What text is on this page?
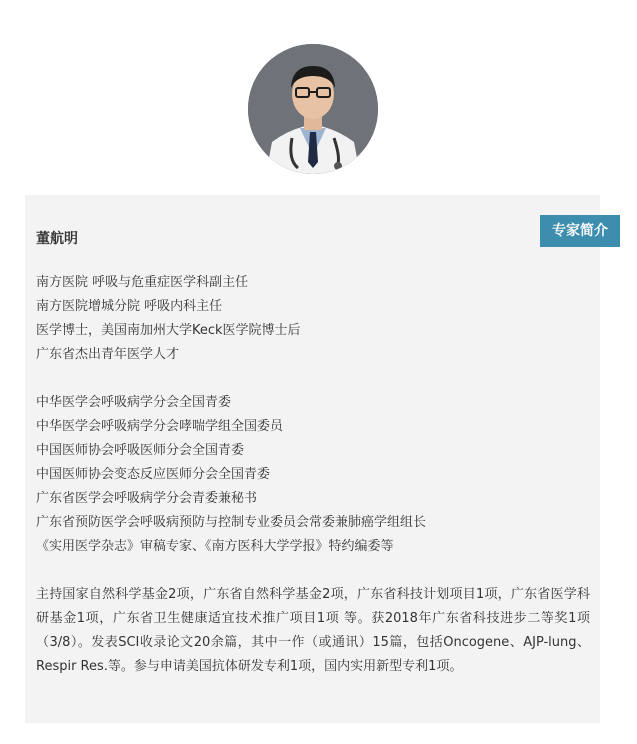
专家简介
董航明
南方医院 呼吸与危重症医学科副主任
南方医院增城分院 呼吸内科主任
医学博士，美国南加州大学Keck医学院博士后
广东省杰出青年医学人才
中华医学会呼吸病学分会全国青委
中华医学会呼吸病学分会哮喘学组全国委员
中国医师协会呼吸医师分会全国青委
中国医师协会变态反应医师分会全国青委
广东省医学会呼吸病学分会青委兼秘书
广东省预防医学会呼吸病预防与控制专业委员会常委兼肺癌学组组长
《实用医学杂志》审稿专家、《南方医科大学学报》特约编委等
主持国家自然科学基金2项，广东省自然科学基金2项，广东省科技计划项目1项，广东省医学科研基金1项，广东省卫生健康适宜技术推广项目1项 等。获2018年广东省科技进步二等奖1项（3/8）。发表SCI收录论文20余篇，其中一作（或通讯）15篇，包括Oncogene、AJP-lung、Respir Res.等。参与申请美国抗体研发专利1项，国内实用新型专利1项。
